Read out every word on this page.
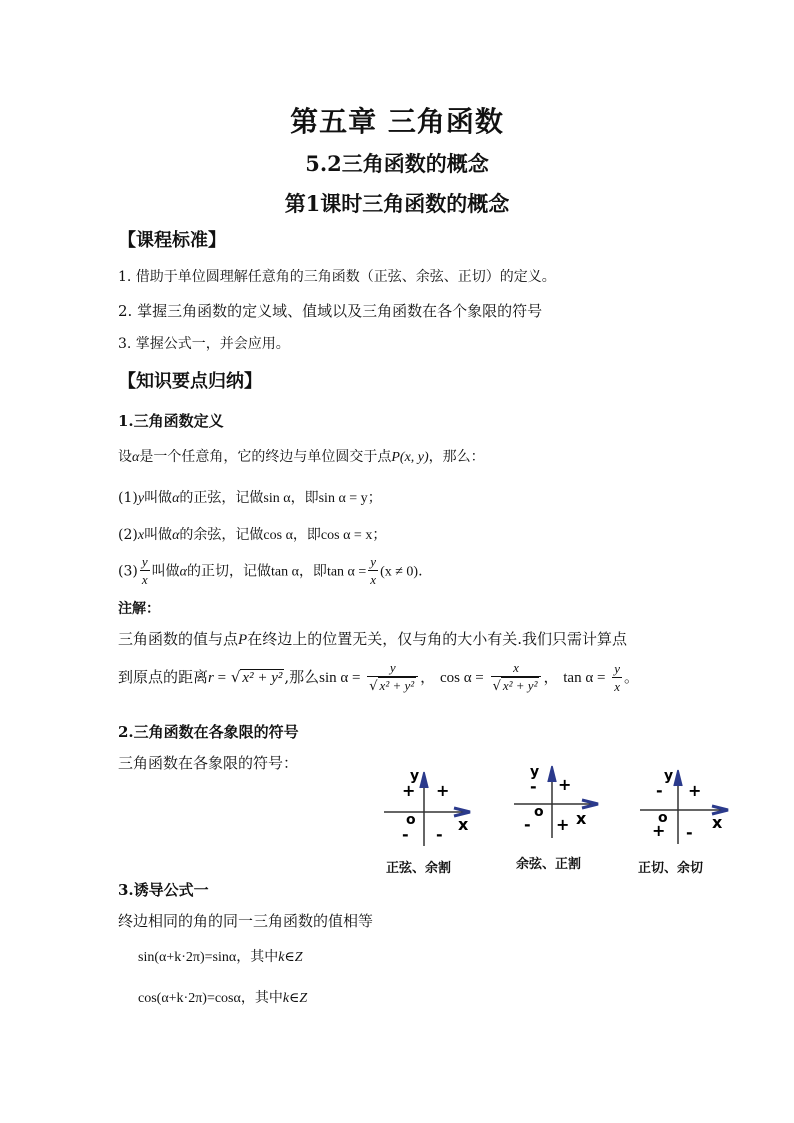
第五章 三角函数
5.2三角函数的概念
第1课时三角函数的概念
【课程标准】
1. 借助于单位圆理解任意角的三角函数（正弦、余弦、正切）的定义。
2. 掌握三角函数的定义域、值域以及三角函数在各个象限的符号
3. 掌握公式一，并会应用。
【知识要点归纳】
1.三角函数定义
设α是一个任意角，它的终边与单位圆交于点P(x, y)，那么：
(1)y叫做α的正弦，记做sin α，即sin α = y；
(2)x叫做α的余弦，记做cos α，即cos α = x；
$(3) \frac{y}{x}$ 叫做α的正切，记做tan α，即$\tan \alpha = \frac{y}{x} (x \ne 0)$.
注解：
三角函数的值与点P在终边上的位置无关，仅与角的大小有关.我们只需计算点
到原点的距离r = √ x² + y² ,那么$\sin \alpha = \frac{y}{\text{√ x² + y²}}$ ， $\cos \alpha = \frac{x}{\text{√ x² + y²}}$ ， $\tan \alpha = \frac{y}{x}$ 。
2.三角函数在各象限的符号
三角函数在各象限的符号：
y
x
o
+
+
- -
正弦、余割
y
x
o
+
-
- +
余弦、正割
y
x
o
+
-
+ -
正切、余切
3.诱导公式一
终边相同的角的同一三角函数的值相等
sin(α+k·2π)=sinα，其中k∈Z
cos(α+k·2π)=cosα，其中k∈Z
